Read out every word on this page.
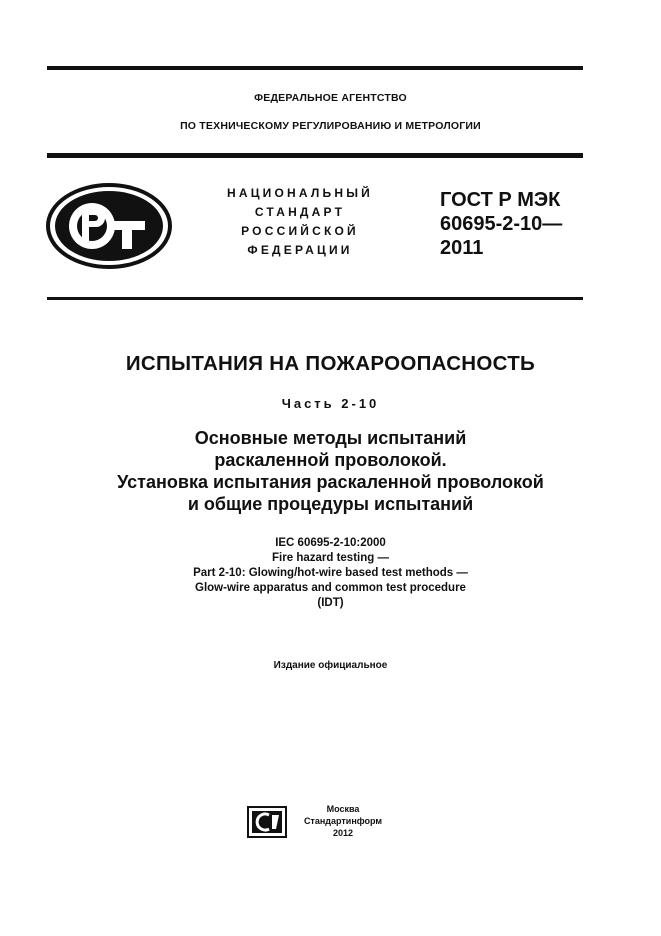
ФЕДЕРАЛЬНОЕ АГЕНТСТВО
ПО ТЕХНИЧЕСКОМУ РЕГУЛИРОВАНИЮ И МЕТРОЛОГИИ
НАЦИОНАЛЬНЫЙ
СТАНДАРТ
РОССИЙСКОЙ
ФЕДЕРАЦИИ
ГОСТ Р МЭК
60695-2-10—
2011
ИСПЫТАНИЯ НА ПОЖАРООПАСНОСТЬ
Часть 2-10
Основные методы испытаний
раскаленной проволокой.
Установка испытания раскаленной проволокой
и общие процедуры испытаний
IEC 60695-2-10:2000
Fire hazard testing —
Part 2-10: Glowing/hot-wire based test methods —
Glow-wire apparatus and common test procedure
(IDT)
Издание официальное
Москва
Стандартинформ
2012
